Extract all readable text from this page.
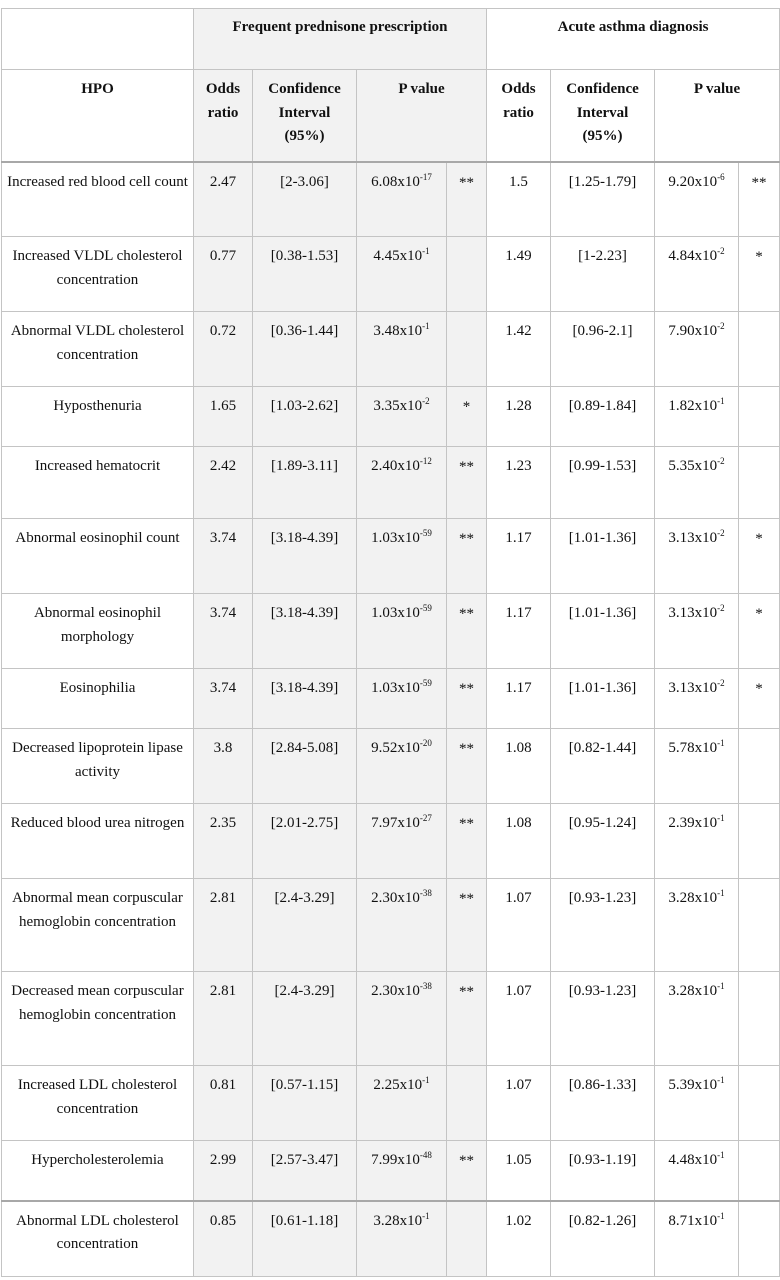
	Frequent prednisone prescription				Acute asthma diagnosis			
HPO	Odds ratio	Confidence Interval (95%)	P value		Odds ratio	Confidence Interval (95%)	P value	
Increased red blood cell count	2.47	[2-3.06]	$6.08x10^{-17}$	**	1.5	[1.25-1.79]	$9.20x10^{-6}$	**
Increased VLDL cholesterol concentration	0.77	[0.38-1.53]	$4.45x10^{-1}$		1.49	[1-2.23]	$4.84x10^{-2}$	*
Abnormal VLDL cholesterol concentration	0.72	[0.36-1.44]	$3.48x10^{-1}$		1.42	[0.96-2.1]	$7.90x10^{-2}$	
Hyposthenuria	1.65	[1.03-2.62]	$3.35x10^{-2}$	*	1.28	[0.89-1.84]	$1.82x10^{-1}$	
Increased hematocrit	2.42	[1.89-3.11]	$2.40x10^{-12}$	**	1.23	[0.99-1.53]	$5.35x10^{-2}$	
Abnormal eosinophil count	3.74	[3.18-4.39]	$1.03x10^{-59}$	**	1.17	[1.01-1.36]	$3.13x10^{-2}$	*
Abnormal eosinophil morphology	3.74	[3.18-4.39]	$1.03x10^{-59}$	**	1.17	[1.01-1.36]	$3.13x10^{-2}$	*
Eosinophilia	3.74	[3.18-4.39]	$1.03x10^{-59}$	**	1.17	[1.01-1.36]	$3.13x10^{-2}$	*
Decreased lipoprotein lipase activity	3.8	[2.84-5.08]	$9.52x10^{-20}$	**	1.08	[0.82-1.44]	$5.78x10^{-1}$	
Reduced blood urea nitrogen	2.35	[2.01-2.75]	$7.97x10^{-27}$	**	1.08	[0.95-1.24]	$2.39x10^{-1}$	
Abnormal mean corpuscular hemoglobin concentration	2.81	[2.4-3.29]	$2.30x10^{-38}$	**	1.07	[0.93-1.23]	$3.28x10^{-1}$	
Decreased mean corpuscular hemoglobin concentration	2.81	[2.4-3.29]	$2.30x10^{-38}$	**	1.07	[0.93-1.23]	$3.28x10^{-1}$	
Increased LDL cholesterol concentration	0.81	[0.57-1.15]	$2.25x10^{-1}$		1.07	[0.86-1.33]	$5.39x10^{-1}$	
Hypercholesterolemia	2.99	[2.57-3.47]	$7.99x10^{-48}$	**	1.05	[0.93-1.19]	$4.48x10^{-1}$	
Abnormal LDL cholesterol concentration	0.85	[0.61-1.18]	$3.28x10^{-1}$		1.02	[0.82-1.26]	$8.71x10^{-1}$	
